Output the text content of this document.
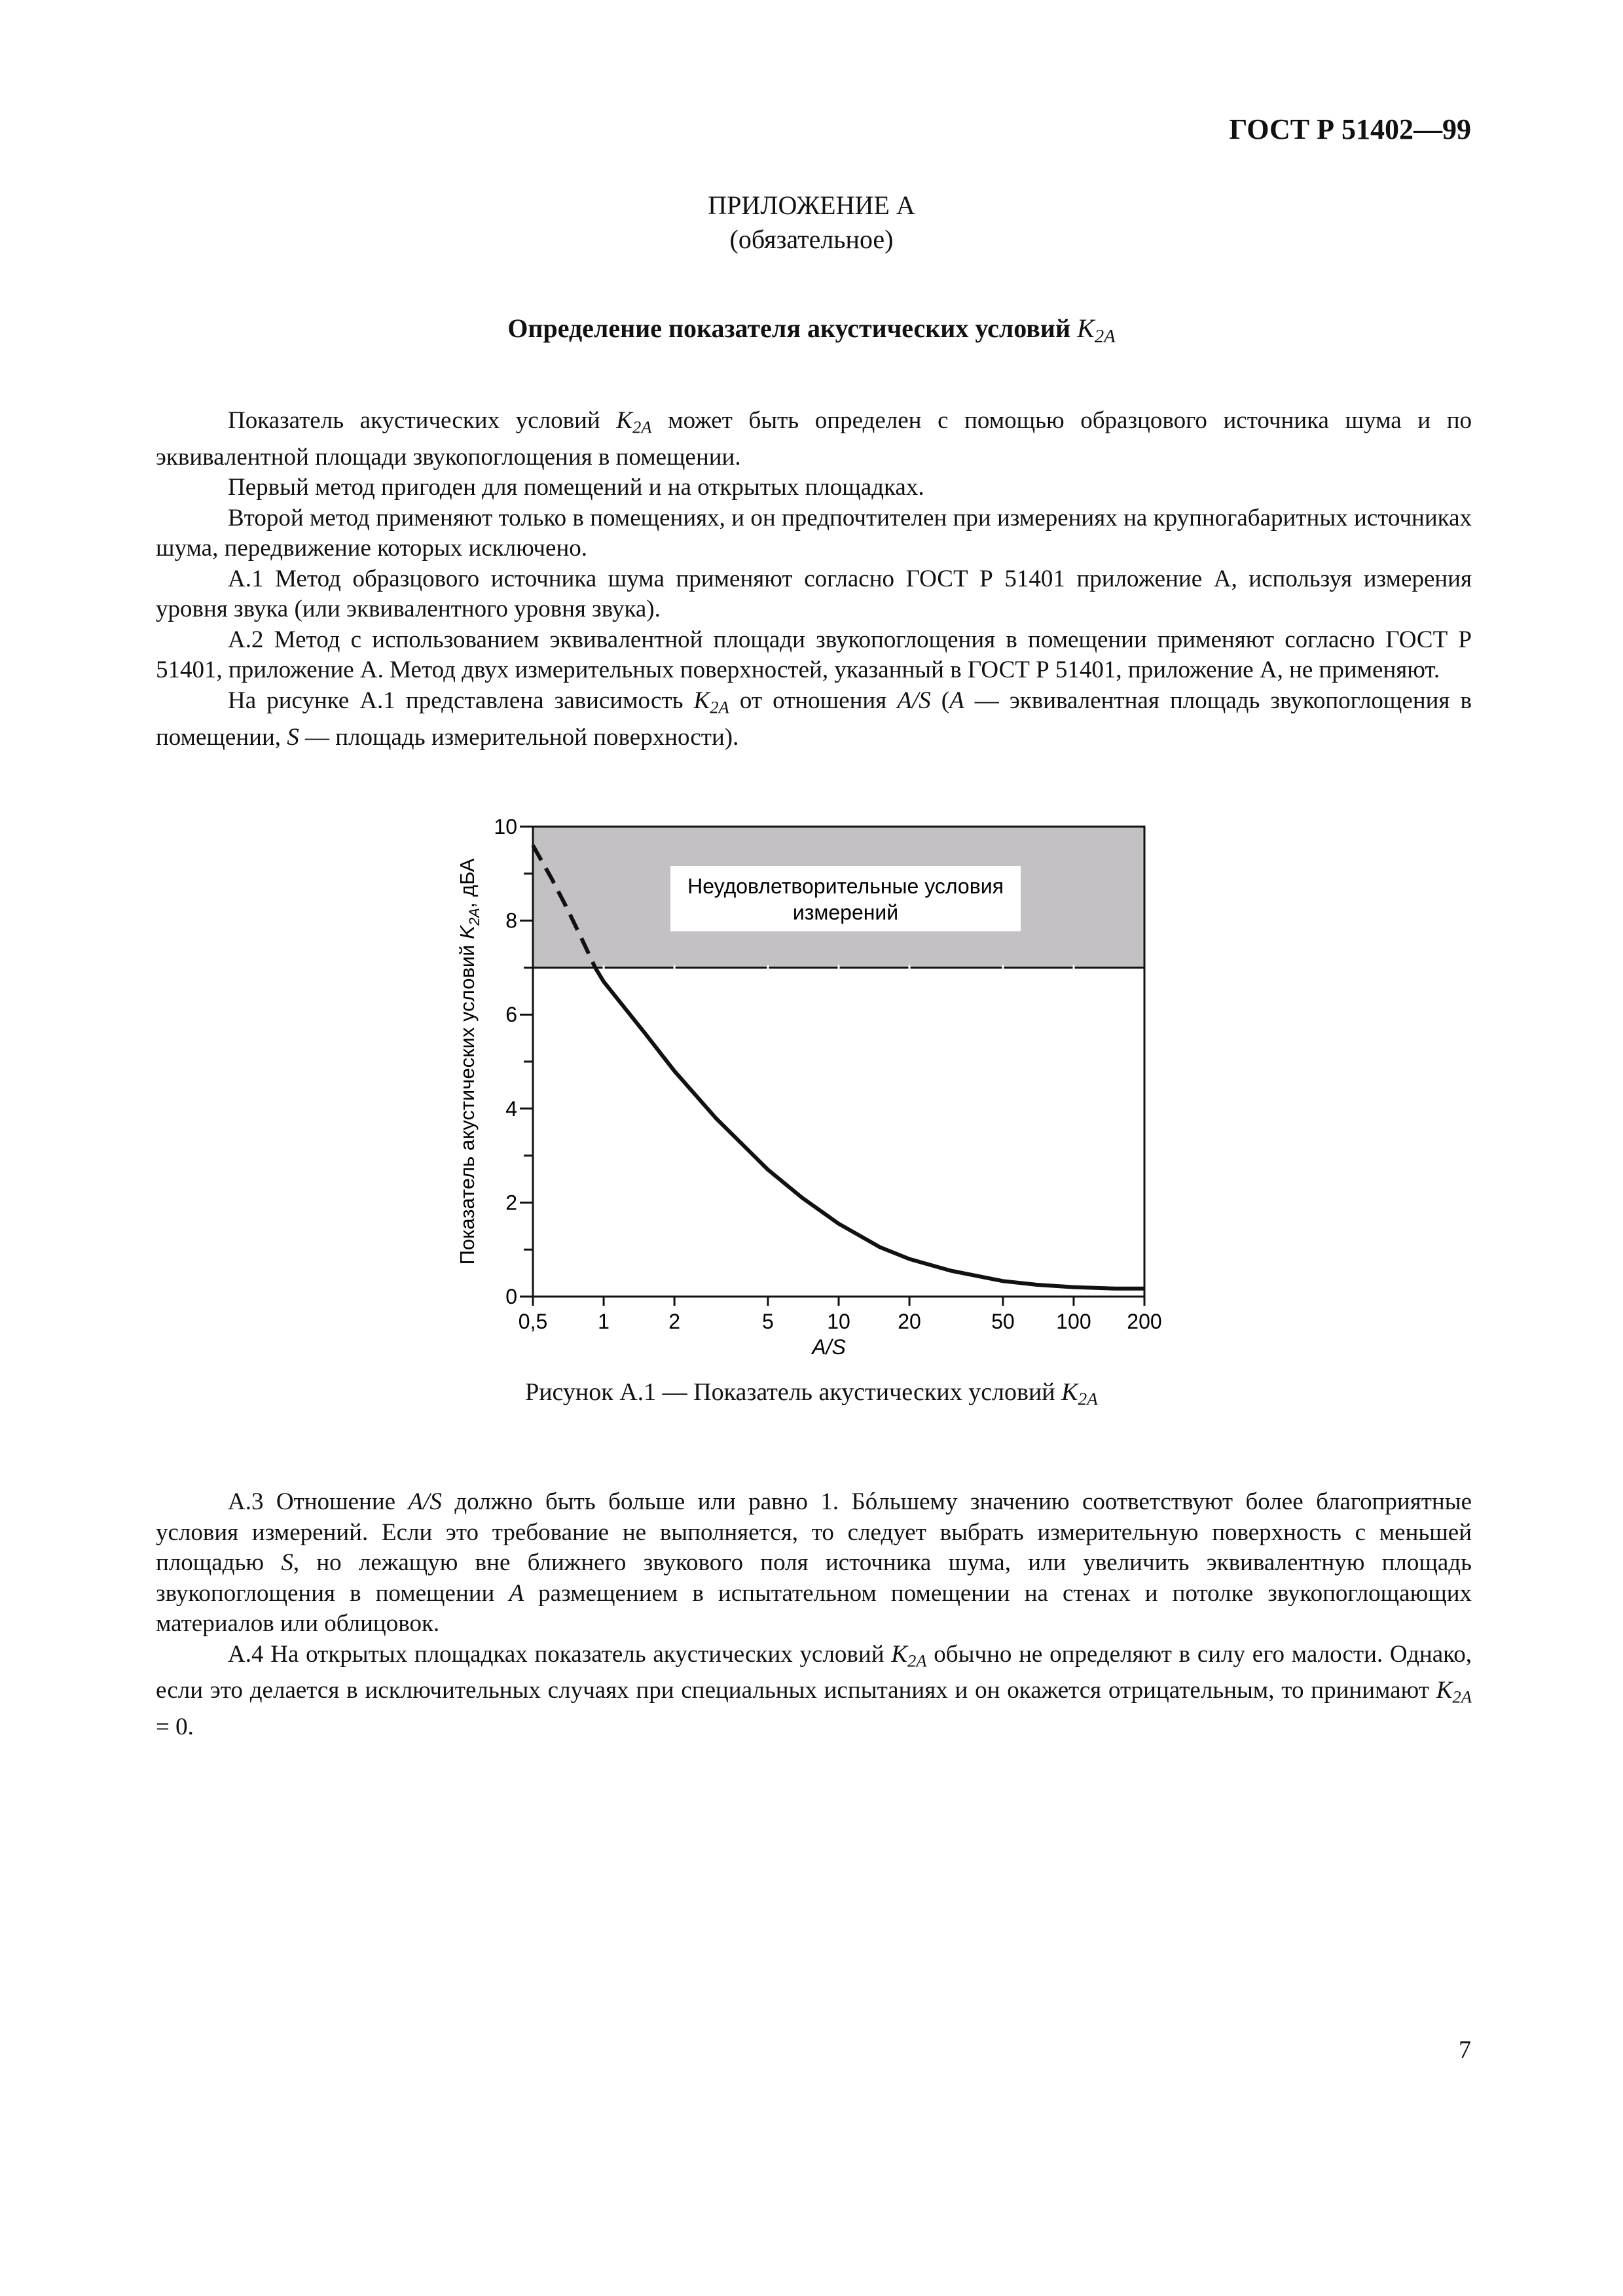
ГОСТ Р 51402—99
ПРИЛОЖЕНИЕ А
(обязательное)
Определение показателя акустических условий $K_{2A}$

Показатель акустических условий $K_{2A}$ может быть определен с помощью образцового источника шума и по эквивалентной площади звукопоглощения в помещении.

Первый метод пригоден для помещений и на открытых площадках.

Второй метод применяют только в помещениях, и он предпочтителен при измерениях на крупногабаритных источниках шума, передвижение которых исключено.

А.1 Метод образцового источника шума применяют согласно ГОСТ Р 51401 приложение А, используя измерения уровня звука (или эквивалентного уровня звука).

А.2 Метод с использованием эквивалентной площади звукопоглощения в помещении применяют согласно ГОСТ Р 51401, приложение А. Метод двух измерительных поверхностей, указанный в ГОСТ Р 51401, приложение А, не применяют.

На рисунке А.1 представлена зависимость $K_{2A}$ от отношения A/S (A — эквивалентная площадь звукопоглощения в помещении, S — площадь измерительной поверхности).

Неудовлетворительные условия
измерений
0
2
4
6
8
10
0,5 1	2	5	10 20	50 100 200
A/S
Показатель акустических условий $K_{2A}$, дБА
Рисунок А.1 — Показатель акустических условий $K_{2A}$

А.3 Отношение A/S должно быть больше или равно 1. Бóльшему значению соответствуют более благоприятные условия измерений. Если это требование не выполняется, то следует выбрать измерительную поверхность с меньшей площадью S, но лежащую вне ближнего звукового поля источника шума, или увеличить эквивалентную площадь звукопоглощения в помещении A размещением в испытательном помещении на стенах и потолке звукопоглощающих материалов или облицовок.

А.4 На открытых площадках показатель акустических условий $K_{2A}$ обычно не определяют в силу его малости. Однако, если это делается в исключительных случаях при специальных испытаниях и он окажется отрицательным, то принимают $K_{2A} = 0$.

7
